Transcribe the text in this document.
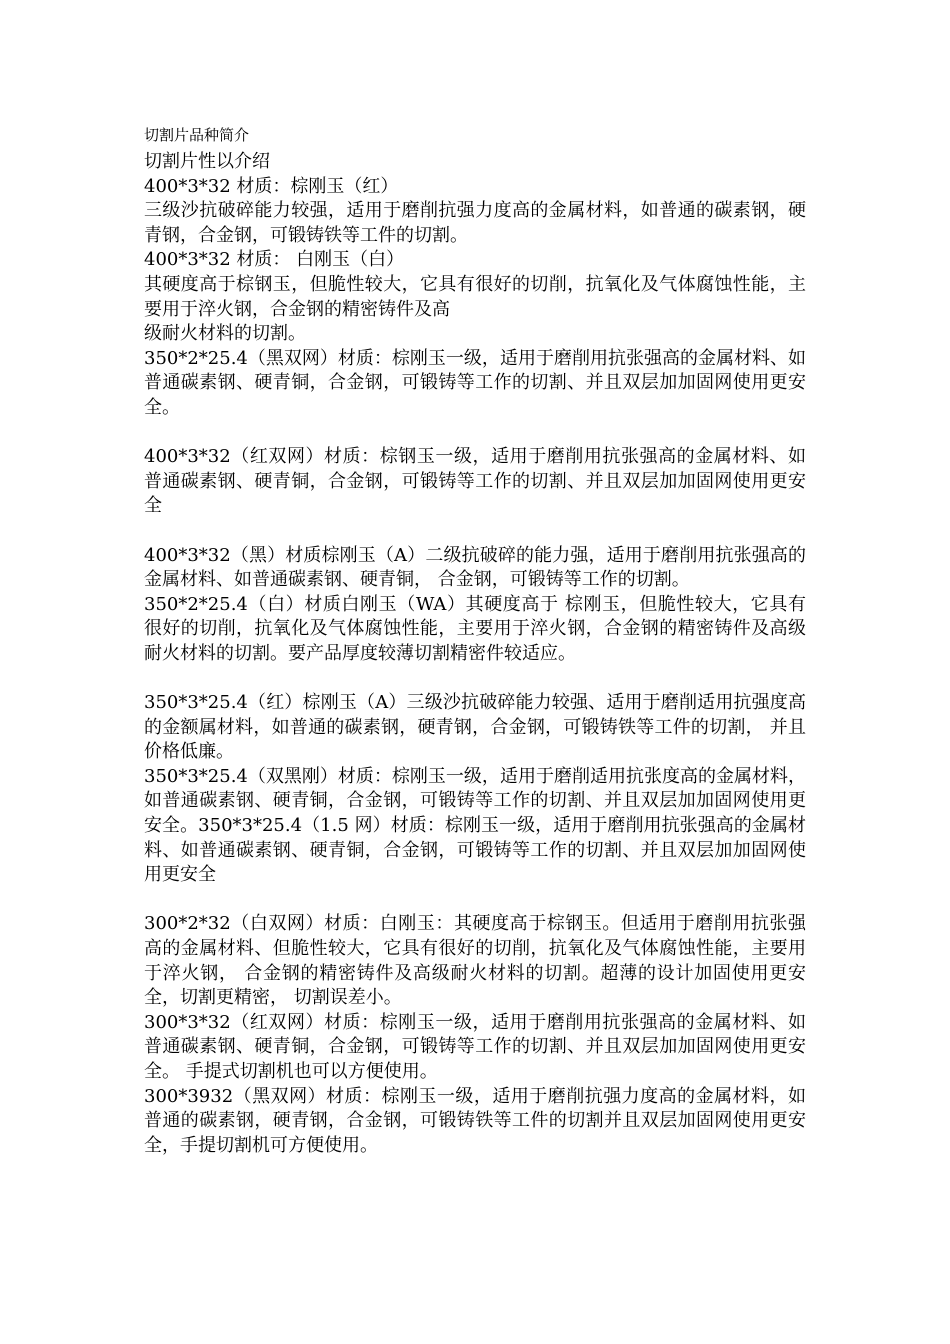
切割片品种简介

切割片性以介绍

400*3*32 材质：棕刚玉（红）

三级沙抗破碎能力较强，适用于磨削抗强力度高的金属材料，如普通的碳素钢，硬青钢，合金钢，可锻铸铁等工件的切割。

400*3*32 材质： 白刚玉（白）

其硬度高于棕钢玉，但脆性较大，它具有很好的切削，抗氧化及气体腐蚀性能，主要用于淬火钢，合金钢的精密铸件及高

级耐火材料的切割。

350*2*25.4（黑双网）材质：棕刚玉一级，适用于磨削用抗张强高的金属材料、如普通碳素钢、硬青铜，合金钢，可锻铸等工作的切割、并且双层加加固网使用更安全。

400*3*32（红双网）材质：棕钢玉一级，适用于磨削用抗张强高的金属材料、如普通碳素钢、硬青铜，合金钢，可锻铸等工作的切割、并且双层加加固网使用更安全

400*3*32（黑）材质棕刚玉（A）二级抗破碎的能力强，适用于磨削用抗张强高的金属材料、如普通碳素钢、硬青铜， 合金钢，可锻铸等工作的切割。

350*2*25.4（白）材质白刚玉（WA）其硬度高于 棕刚玉，但脆性较大，它具有很好的切削，抗氧化及气体腐蚀性能，主要用于淬火钢，合金钢的精密铸件及高级耐火材料的切割。要产品厚度较薄切割精密件较适应。

350*3*25.4（红）棕刚玉（A）三级沙抗破碎能力较强、适用于磨削适用抗强度高的金额属材料，如普通的碳素钢，硬青钢，合金钢，可锻铸铁等工件的切割， 并且价格低廉。

350*3*25.4（双黑刚）材质：棕刚玉一级，适用于磨削适用抗张度高的金属材料，如普通碳素钢、硬青铜，合金钢，可锻铸等工作的切割、并且双层加加固网使用更安全。350*3*25.4（1.5 网）材质：棕刚玉一级，适用于磨削用抗张强高的金属材料、如普通碳素钢、硬青铜，合金钢，可锻铸等工作的切割、并且双层加加固网使用更安全

300*2*32（白双网）材质：白刚玉：其硬度高于棕钢玉。但适用于磨削用抗张强高的金属材料、但脆性较大，它具有很好的切削，抗氧化及气体腐蚀性能，主要用于淬火钢， 合金钢的精密铸件及高级耐火材料的切割。超薄的设计加固使用更安全，切割更精密， 切割误差小。

300*3*32（红双网）材质：棕刚玉一级，适用于磨削用抗张强高的金属材料、如普通碳素钢、硬青铜，合金钢，可锻铸等工作的切割、并且双层加加固网使用更安全。 手提式切割机也可以方便使用。

300*3932（黑双网）材质：棕刚玉一级，适用于磨削抗强力度高的金属材料，如普通的碳素钢，硬青钢，合金钢，可锻铸铁等工件的切割并且双层加固网使用更安全，手提切割机可方便使用。
